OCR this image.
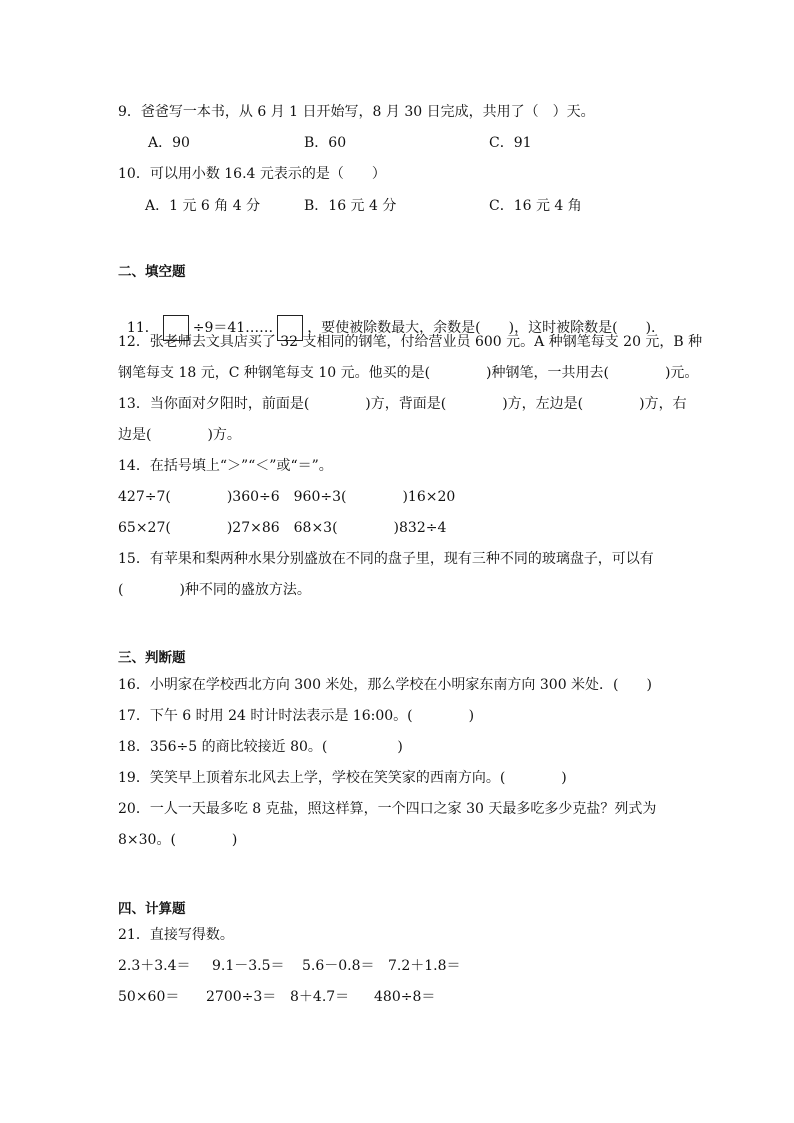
9．爸爸写一本书，从 6 月 1 日开始写，8 月 30 日完成，共用了（　）天。
A．90	B．60	C．91
10．可以用小数 16.4 元表示的是（　　）
A．1 元 6 角 4 分	B．16 元 4 分	C．16 元 4 角
二、填空题

11． ÷9＝41…… ，要使被除数最大，余数是(　　)，这时被除数是(　　).

12．张老师去文具店买了 32 支相同的钢笔，付给营业员 600 元。A 种钢笔每支 20 元，B 种
钢笔每支 18 元，C 种钢笔每支 10 元。他买的是(　　　　)种钢笔，一共用去(　　　　)元。
13．当你面对夕阳时，前面是(　　　　)方，背面是(　　　　)方，左边是(　　　　)方，右
边是(　　　　)方。
14．在括号填上“＞”“＜”或“＝”。
427÷7(　　　　)360÷6　960÷3(　　　　)16×20
65×27(　　　　)27×86　68×3(　　　　)832÷4
15．有苹果和梨两种水果分别盛放在不同的盘子里，现有三种不同的玻璃盘子，可以有
(　　　　)种不同的盛放方法。
三、判断题
16．小明家在学校西北方向 300 米处，那么学校在小明家东南方向 300 米处．(　　)
17．下午 6 时用 24 时计时法表示是 16:00。(　　　　)
18．356÷5 的商比较接近 80。(　　　　　)
19．笑笑早上顶着东北风去上学，学校在笑笑家的西南方向。(　　　　)
20．一人一天最多吃 8 克盐，照这样算，一个四口之家 30 天最多吃多少克盐？列式为
8×30。(　　　　)
四、计算题
21．直接写得数。
2.3＋3.4＝ 9.1－3.5＝ 5.6－0.8＝ 7.2＋1.8＝
50×60＝ 2700÷3＝ 8＋4.7＝ 480÷8＝
